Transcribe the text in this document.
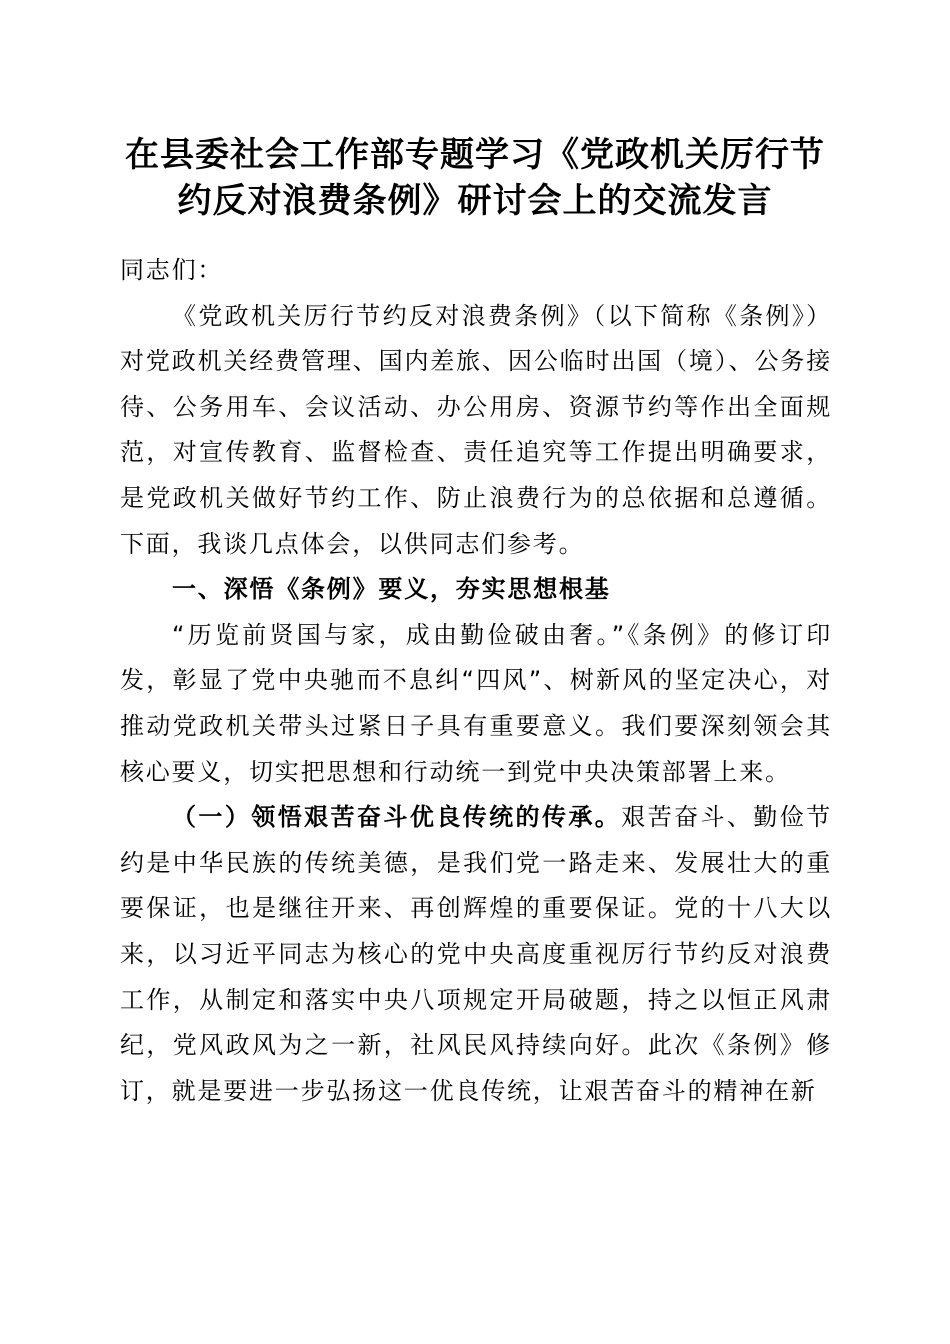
在县委社会工作部专题学习《党政机关厉行节
约反对浪费条例》研讨会上的交流发言

同志们：

《党政机关厉行节约反对浪费条例》（以下简称《条例》）对党政机关经费管理、国内差旅、因公临时出国（境）、公务接待、公务用车、会议活动、办公用房、资源节约等作出全面规范，对宣传教育、监督检查、责任追究等工作提出明确要求，是党政机关做好节约工作、防止浪费行为的总依据和总遵循。下面，我谈几点体会，以供同志们参考。

一、深悟《条例》要义，夯实思想根基

“历览前贤国与家，成由勤俭破由奢。”《条例》的修订印发，彰显了党中央驰而不息纠“四风”、树新风的坚定决心，对推动党政机关带头过紧日子具有重要意义。我们要深刻领会其核心要义，切实把思想和行动统一到党中央决策部署上来。

（一）领悟艰苦奋斗优良传统的传承。艰苦奋斗、勤俭节约是中华民族的传统美德，是我们党一路走来、发展壮大的重要保证，也是继往开来、再创辉煌的重要保证。党的十八大以来，以习近平同志为核心的党中央高度重视厉行节约反对浪费工作，从制定和落实中央八项规定开局破题，持之以恒正风肃纪，党风政风为之一新，社风民风持续向好。此次《条例》修订，就是要进一步弘扬这一优良传统，让艰苦奋斗的精神在新
